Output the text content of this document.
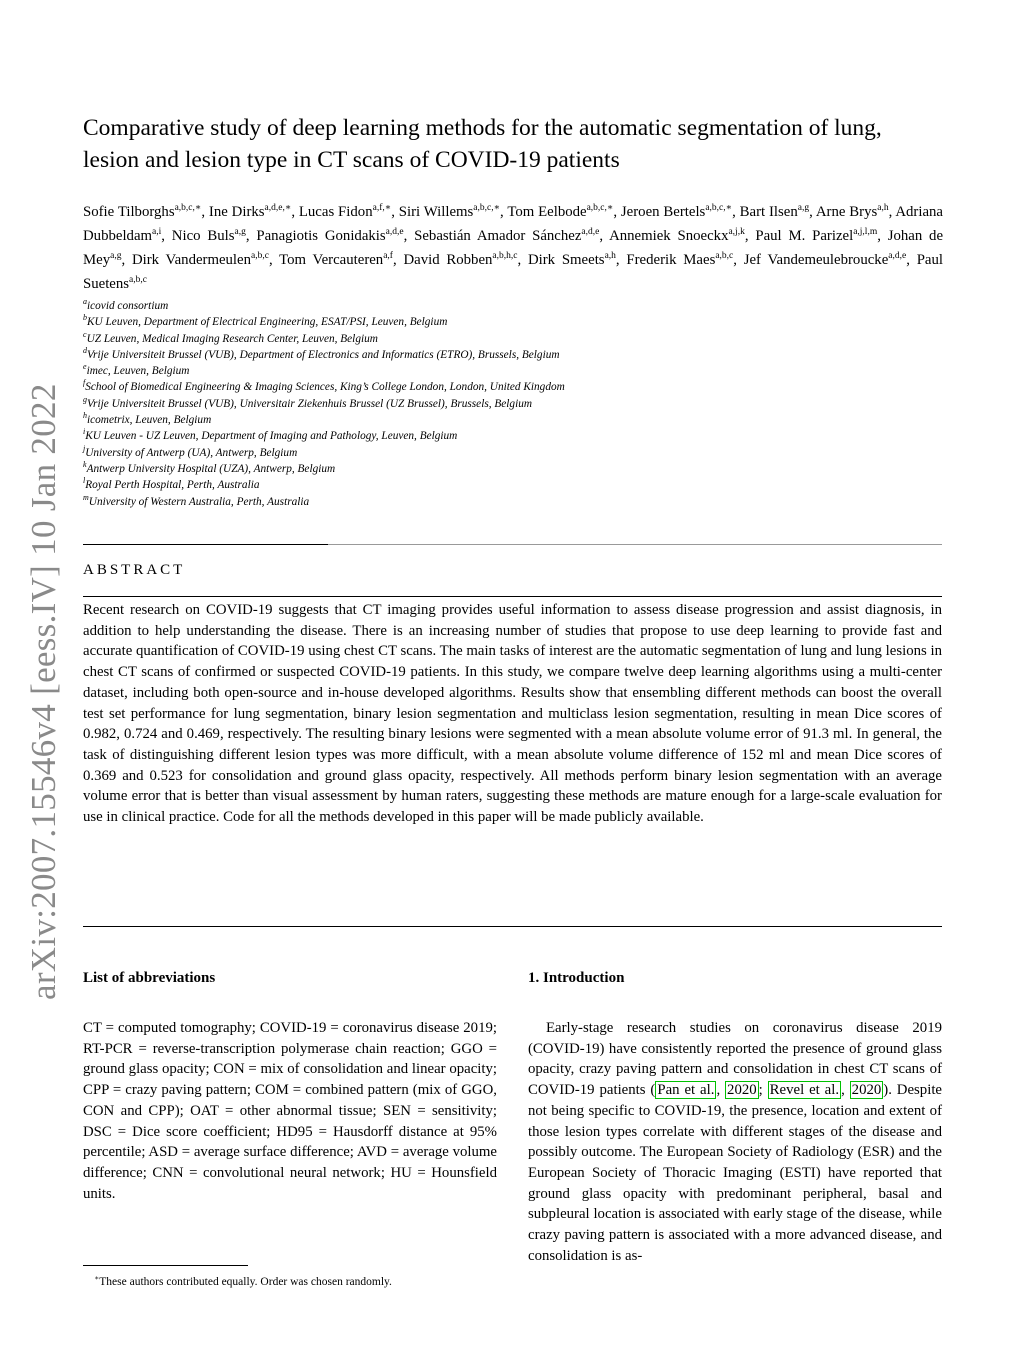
arXiv:2007.15546v4 [eess.IV] 10 Jan 2022
Comparative study of deep learning methods for the automatic segmentation of lung, lesion and lesion type in CT scans of COVID-19 patients
Sofie Tilborghs$^{a,b,c,∗}$, Ine Dirks$^{a,d,e,∗}$, Lucas Fidon$^{a,f,∗}$, Siri Willems$^{a,b,c,∗}$, Tom Eelbode$^{a,b,c,∗}$, Jeroen Bertels$^{a,b,c,∗}$, Bart Ilsen$^{a,g}$, Arne Brys$^{a,h}$, Adriana Dubbeldam$^{a,i}$, Nico Buls$^{a,g}$, Panagiotis Gonidakis$^{a,d,e}$, Sebastián Amador Sánchez$^{a,d,e}$, Annemiek Snoeckx$^{a,j,k}$, Paul M. Parizel$^{a,j,l,m}$, Johan de Mey$^{a,g}$, Dirk Vandermeulen$^{a,b,c}$, Tom Vercauteren$^{a,f}$, David Robben$^{a,b,h,c}$, Dirk Smeets$^{a,h}$, Frederik Maes$^{a,b,c}$, Jef Vandemeulebroucke$^{a,d,e}$, Paul Suetens$^{a,b,c}$
$^a$icovid consortium
$^b$KU Leuven, Department of Electrical Engineering, ESAT/PSI, Leuven, Belgium
$^c$UZ Leuven, Medical Imaging Research Center, Leuven, Belgium
$^d$Vrije Universiteit Brussel (VUB), Department of Electronics and Informatics (ETRO), Brussels, Belgium
$^e$imec, Leuven, Belgium
$^f$School of Biomedical Engineering & Imaging Sciences, King’s College London, London, United Kingdom
$^g$Vrije Universiteit Brussel (VUB), Universitair Ziekenhuis Brussel (UZ Brussel), Brussels, Belgium
$^h$icometrix, Leuven, Belgium
$^i$KU Leuven - UZ Leuven, Department of Imaging and Pathology, Leuven, Belgium
$^j$University of Antwerp (UA), Antwerp, Belgium
$^k$Antwerp University Hospital (UZA), Antwerp, Belgium
$^l$Royal Perth Hospital, Perth, Australia
$^m$University of Western Australia, Perth, Australia
ABSTRACT
Recent research on COVID-19 suggests that CT imaging provides useful information to assess disease progression and assist diagnosis, in addition to help understanding the disease. There is an increasing number of studies that propose to use deep learning to provide fast and accurate quantification of COVID-19 using chest CT scans. The main tasks of interest are the automatic segmentation of lung and lung lesions in chest CT scans of confirmed or suspected COVID-19 patients. In this study, we compare twelve deep learning algorithms using a multi-center dataset, including both open-source and in-house developed algorithms. Results show that ensembling different methods can boost the overall test set performance for lung segmentation, binary lesion segmentation and multiclass lesion segmentation, resulting in mean Dice scores of 0.982, 0.724 and 0.469, respectively. The resulting binary lesions were segmented with a mean absolute volume error of 91.3 ml. In general, the task of distinguishing different lesion types was more difficult, with a mean absolute volume difference of 152 ml and mean Dice scores of 0.369 and 0.523 for consolidation and ground glass opacity, respectively. All methods perform binary lesion segmentation with an average volume error that is better than visual assessment by human raters, suggesting these methods are mature enough for a large-scale evaluation for use in clinical practice. Code for all the methods developed in this paper will be made publicly available.
List of abbreviations
CT = computed tomography; COVID-19 = coronavirus disease 2019; RT-PCR = reverse-transcription polymerase chain reaction; GGO = ground glass opacity; CON = mix of consolidation and linear opacity; CPP = crazy paving pattern; COM = combined pattern (mix of GGO, CON and CPP); OAT = other abnormal tissue; SEN = sensitivity; DSC = Dice score coefficient; HD95 = Hausdorff distance at 95% percentile; ASD = average surface difference; AVD = average volume difference; CNN = convolutional neural network; HU = Hounsfield units.
1. Introduction
Early-stage research studies on coronavirus disease 2019 (COVID-19) have consistently reported the presence of ground glass opacity, crazy paving pattern and consolidation in chest CT scans of COVID-19 patients ( Pan et al. , 2020 ; Revel et al. , 2020 ). Despite not being specific to COVID-19, the presence, location and extent of those lesion types correlate with different stages of the disease and possibly outcome. The European Society of Radiology (ESR) and the European Society of Thoracic Imaging (ESTI) have reported that ground glass opacity with predominant peripheral, basal and subpleural location is associated with early stage of the disease, while crazy paving pattern is associated with a more advanced disease, and consolidation is as-
∗These authors contributed equally. Order was chosen randomly.
